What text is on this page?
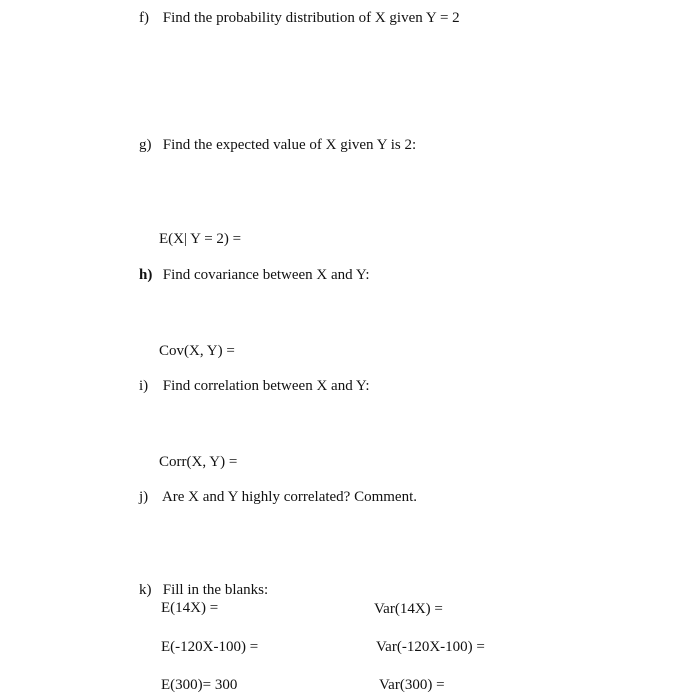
f) Find the probability distribution of X given Y = 2
g) Find the expected value of X given Y is 2:
E(X| Y = 2) =
h) Find covariance between X and Y:
Cov(X, Y) =
i) Find correlation between X and Y:
Corr(X, Y) =
j) Are X and Y highly correlated? Comment.
k) Fill in the blanks:
E(14X) =	Var(14X) =
E(-120X-100) =	Var(-120X-100) =
E(300)= 300	Var(300) =
